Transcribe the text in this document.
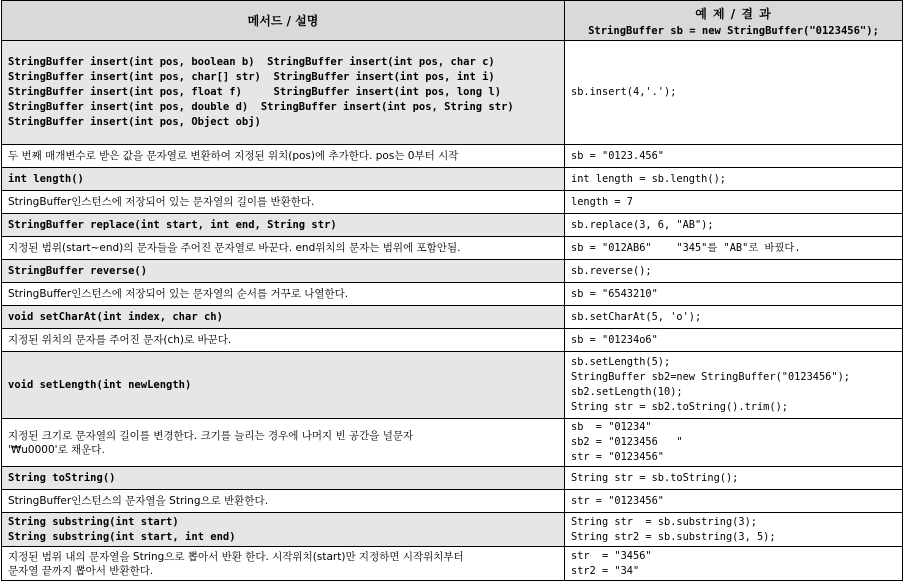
메서드 / 설명	예 제 / 결 과
StringBuffer sb = new StringBuffer("0123456");

StringBuffer insert(int pos, boolean b)  StringBuffer insert(int pos, char c)
StringBuffer insert(int pos, char[] str)  StringBuffer insert(int pos, int i)
StringBuffer insert(int pos, float f)     StringBuffer insert(int pos, long l)
StringBuffer insert(int pos, double d)  StringBuffer insert(int pos, String str)
StringBuffer insert(int pos, Object obj)	sb.insert(4,'.');

두 번째 매개변수로 받은 값을 문자열로 변환하여 지정된 위치(pos)에 추가한다. pos는 0부터 시작	sb = "0123.456"

int length()	int length = sb.length();

StringBuffer인스턴스에 저장되어 있는 문자열의 길이를 반환한다.	length = 7

StringBuffer replace(int start, int end, String str)	sb.replace(3, 6, "AB");

지정된 범위(start~end)의 문자들을 주어진 문자열로 바꾼다. end위치의 문자는 범위에 포함안됨.	sb = "012AB6"    "345"를 "AB"로 바꿨다.

StringBuffer reverse()	sb.reverse();

StringBuffer인스턴스에 저장되어 있는 문자열의 순서를 거꾸로 나열한다.	sb = "6543210"

void setCharAt(int index, char ch)	sb.setCharAt(5, 'o');

지정된 위치의 문자를 주어진 문자(ch)로 바꾼다.	sb = "01234o6"

void setLength(int newLength)	sb.setLength(5);
StringBuffer sb2=new StringBuffer("0123456");
sb2.setLength(10);
String str = sb2.toString().trim();

지정된 크기로 문자열의 길이를 변경한다. 크기를 늘리는 경우에 나머지 빈 공간을 널문자
'₩u0000'로 채운다.	sb  = "01234"
sb2 = "0123456   "
str = "0123456"

String toString()	String str = sb.toString();

StringBuffer인스턴스의 문자열을 String으로 반환한다.	str = "0123456"

String substring(int start)
String substring(int start, int end)	String str  = sb.substring(3);
String str2 = sb.substring(3, 5);

지정된 범위 내의 문자열을 String으로 뽑아서 반환 한다. 시작위치(start)만 지정하면 시작위치부터
문자열 끝까지 뽑아서 반환한다.	str  = "3456"
str2 = "34"
